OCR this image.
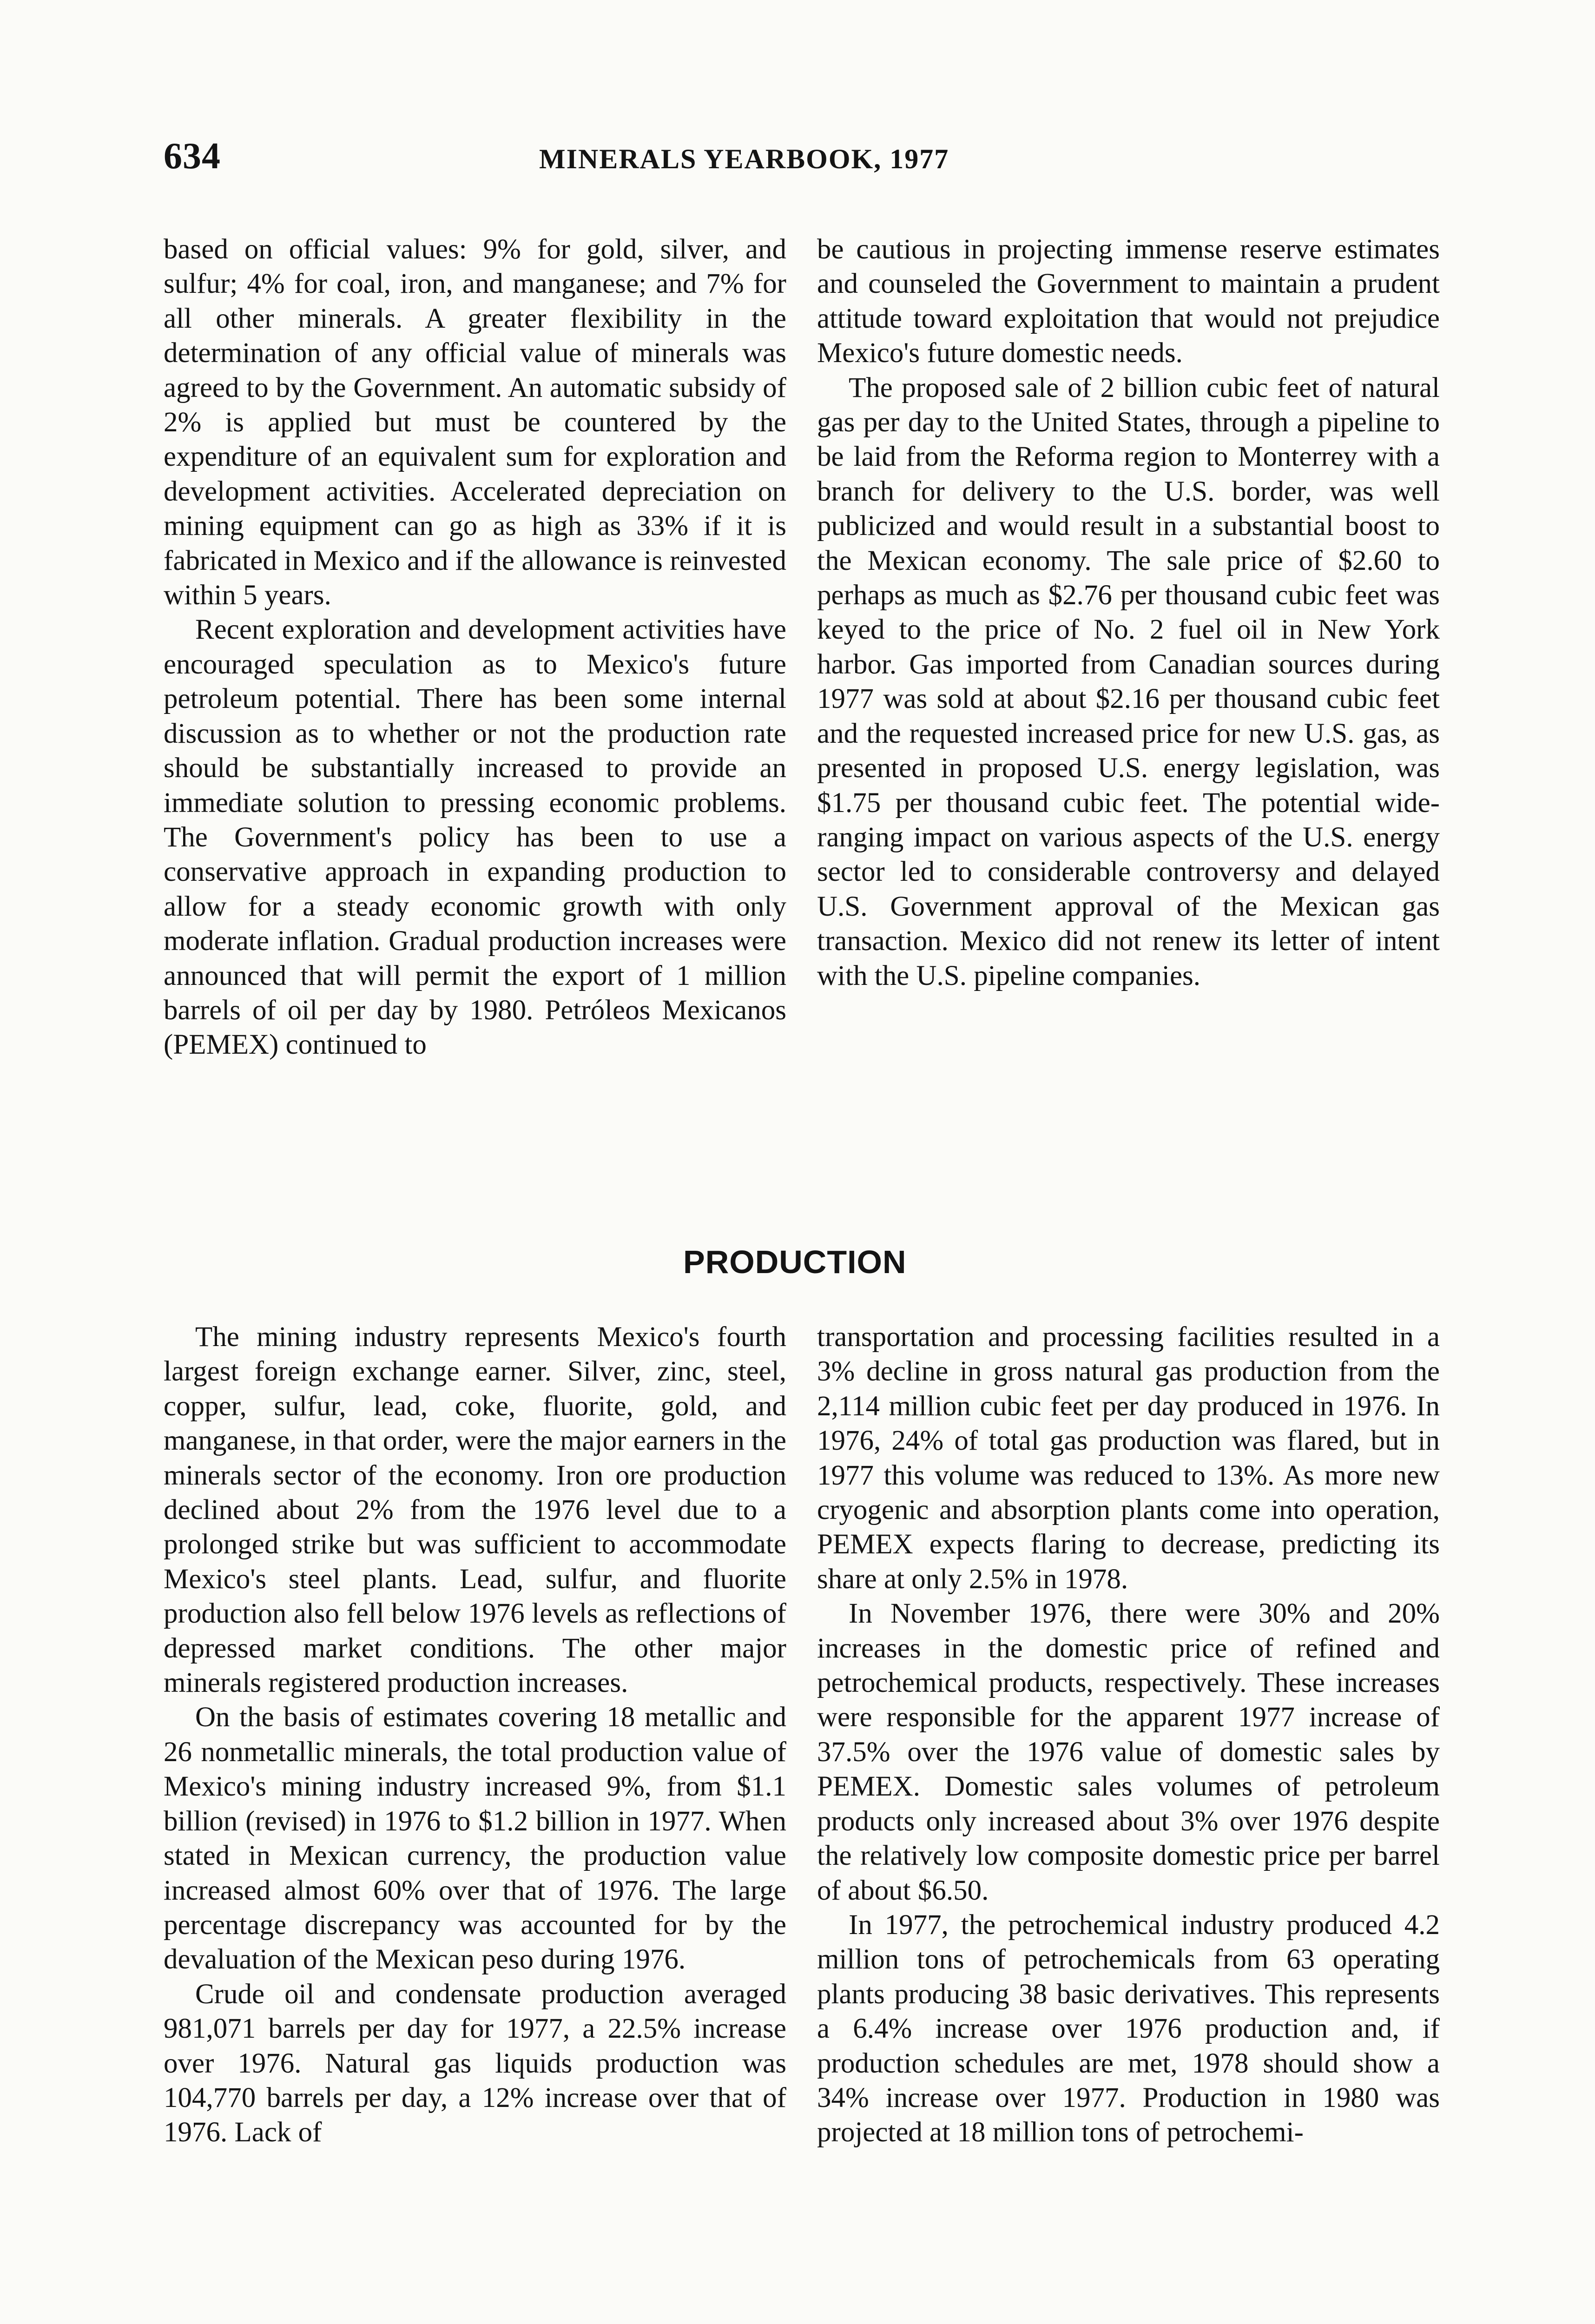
634	MINERALS YEARBOOK, 1977

based on official values: 9% for gold, silver, and sulfur; 4% for coal, iron, and manganese; and 7% for all other minerals. A greater flexibility in the determination of any official value of minerals was agreed to by the Government. An automatic subsidy of 2% is applied but must be countered by the expenditure of an equivalent sum for exploration and development activities. Accelerated depreciation on mining equipment can go as high as 33% if it is fabricated in Mexico and if the allowance is reinvested within 5 years.

Recent exploration and development activities have encouraged speculation as to Mexico's future petroleum potential. There has been some internal discussion as to whether or not the production rate should be substantially increased to provide an immediate solution to pressing economic problems. The Government's policy has been to use a conservative approach in expanding production to allow for a steady economic growth with only moderate inflation. Gradual production increases were announced that will permit the export of 1 million barrels of oil per day by 1980. Petróleos Mexicanos (PEMEX) continued to

be cautious in projecting immense reserve estimates and counseled the Government to maintain a prudent attitude toward exploitation that would not prejudice Mexico's future domestic needs.

The proposed sale of 2 billion cubic feet of natural gas per day to the United States, through a pipeline to be laid from the Reforma region to Monterrey with a branch for delivery to the U.S. border, was well publicized and would result in a substantial boost to the Mexican economy. The sale price of $2.60 to perhaps as much as $2.76 per thousand cubic feet was keyed to the price of No. 2 fuel oil in New York harbor. Gas imported from Canadian sources during 1977 was sold at about $2.16 per thousand cubic feet and the requested increased price for new U.S. gas, as presented in proposed U.S. energy legislation, was $1.75 per thousand cubic feet. The potential wide-ranging impact on various aspects of the U.S. energy sector led to considerable controversy and delayed U.S. Government approval of the Mexican gas transaction. Mexico did not renew its letter of intent with the U.S. pipeline companies.

PRODUCTION

The mining industry represents Mexico's fourth largest foreign exchange earner. Silver, zinc, steel, copper, sulfur, lead, coke, fluorite, gold, and manganese, in that order, were the major earners in the minerals sector of the economy. Iron ore production declined about 2% from the 1976 level due to a prolonged strike but was sufficient to accommodate Mexico's steel plants. Lead, sulfur, and fluorite production also fell below 1976 levels as reflections of depressed market conditions. The other major minerals registered production increases.

On the basis of estimates covering 18 metallic and 26 nonmetallic minerals, the total production value of Mexico's mining industry increased 9%, from $1.1 billion (revised) in 1976 to $1.2 billion in 1977. When stated in Mexican currency, the production value increased almost 60% over that of 1976. The large percentage discrepancy was accounted for by the devaluation of the Mexican peso during 1976.

Crude oil and condensate production averaged 981,071 barrels per day for 1977, a 22.5% increase over 1976. Natural gas liquids production was 104,770 barrels per day, a 12% increase over that of 1976. Lack of

transportation and processing facilities resulted in a 3% decline in gross natural gas production from the 2,114 million cubic feet per day produced in 1976. In 1976, 24% of total gas production was flared, but in 1977 this volume was reduced to 13%. As more new cryogenic and absorption plants come into operation, PEMEX expects flaring to decrease, predicting its share at only 2.5% in 1978.

In November 1976, there were 30% and 20% increases in the domestic price of refined and petrochemical products, respectively. These increases were responsible for the apparent 1977 increase of 37.5% over the 1976 value of domestic sales by PEMEX. Domestic sales volumes of petroleum products only increased about 3% over 1976 despite the relatively low composite domestic price per barrel of about $6.50.

In 1977, the petrochemical industry produced 4.2 million tons of petrochemicals from 63 operating plants producing 38 basic derivatives. This represents a 6.4% increase over 1976 production and, if production schedules are met, 1978 should show a 34% increase over 1977. Production in 1980 was projected at 18 million tons of petrochemi-
